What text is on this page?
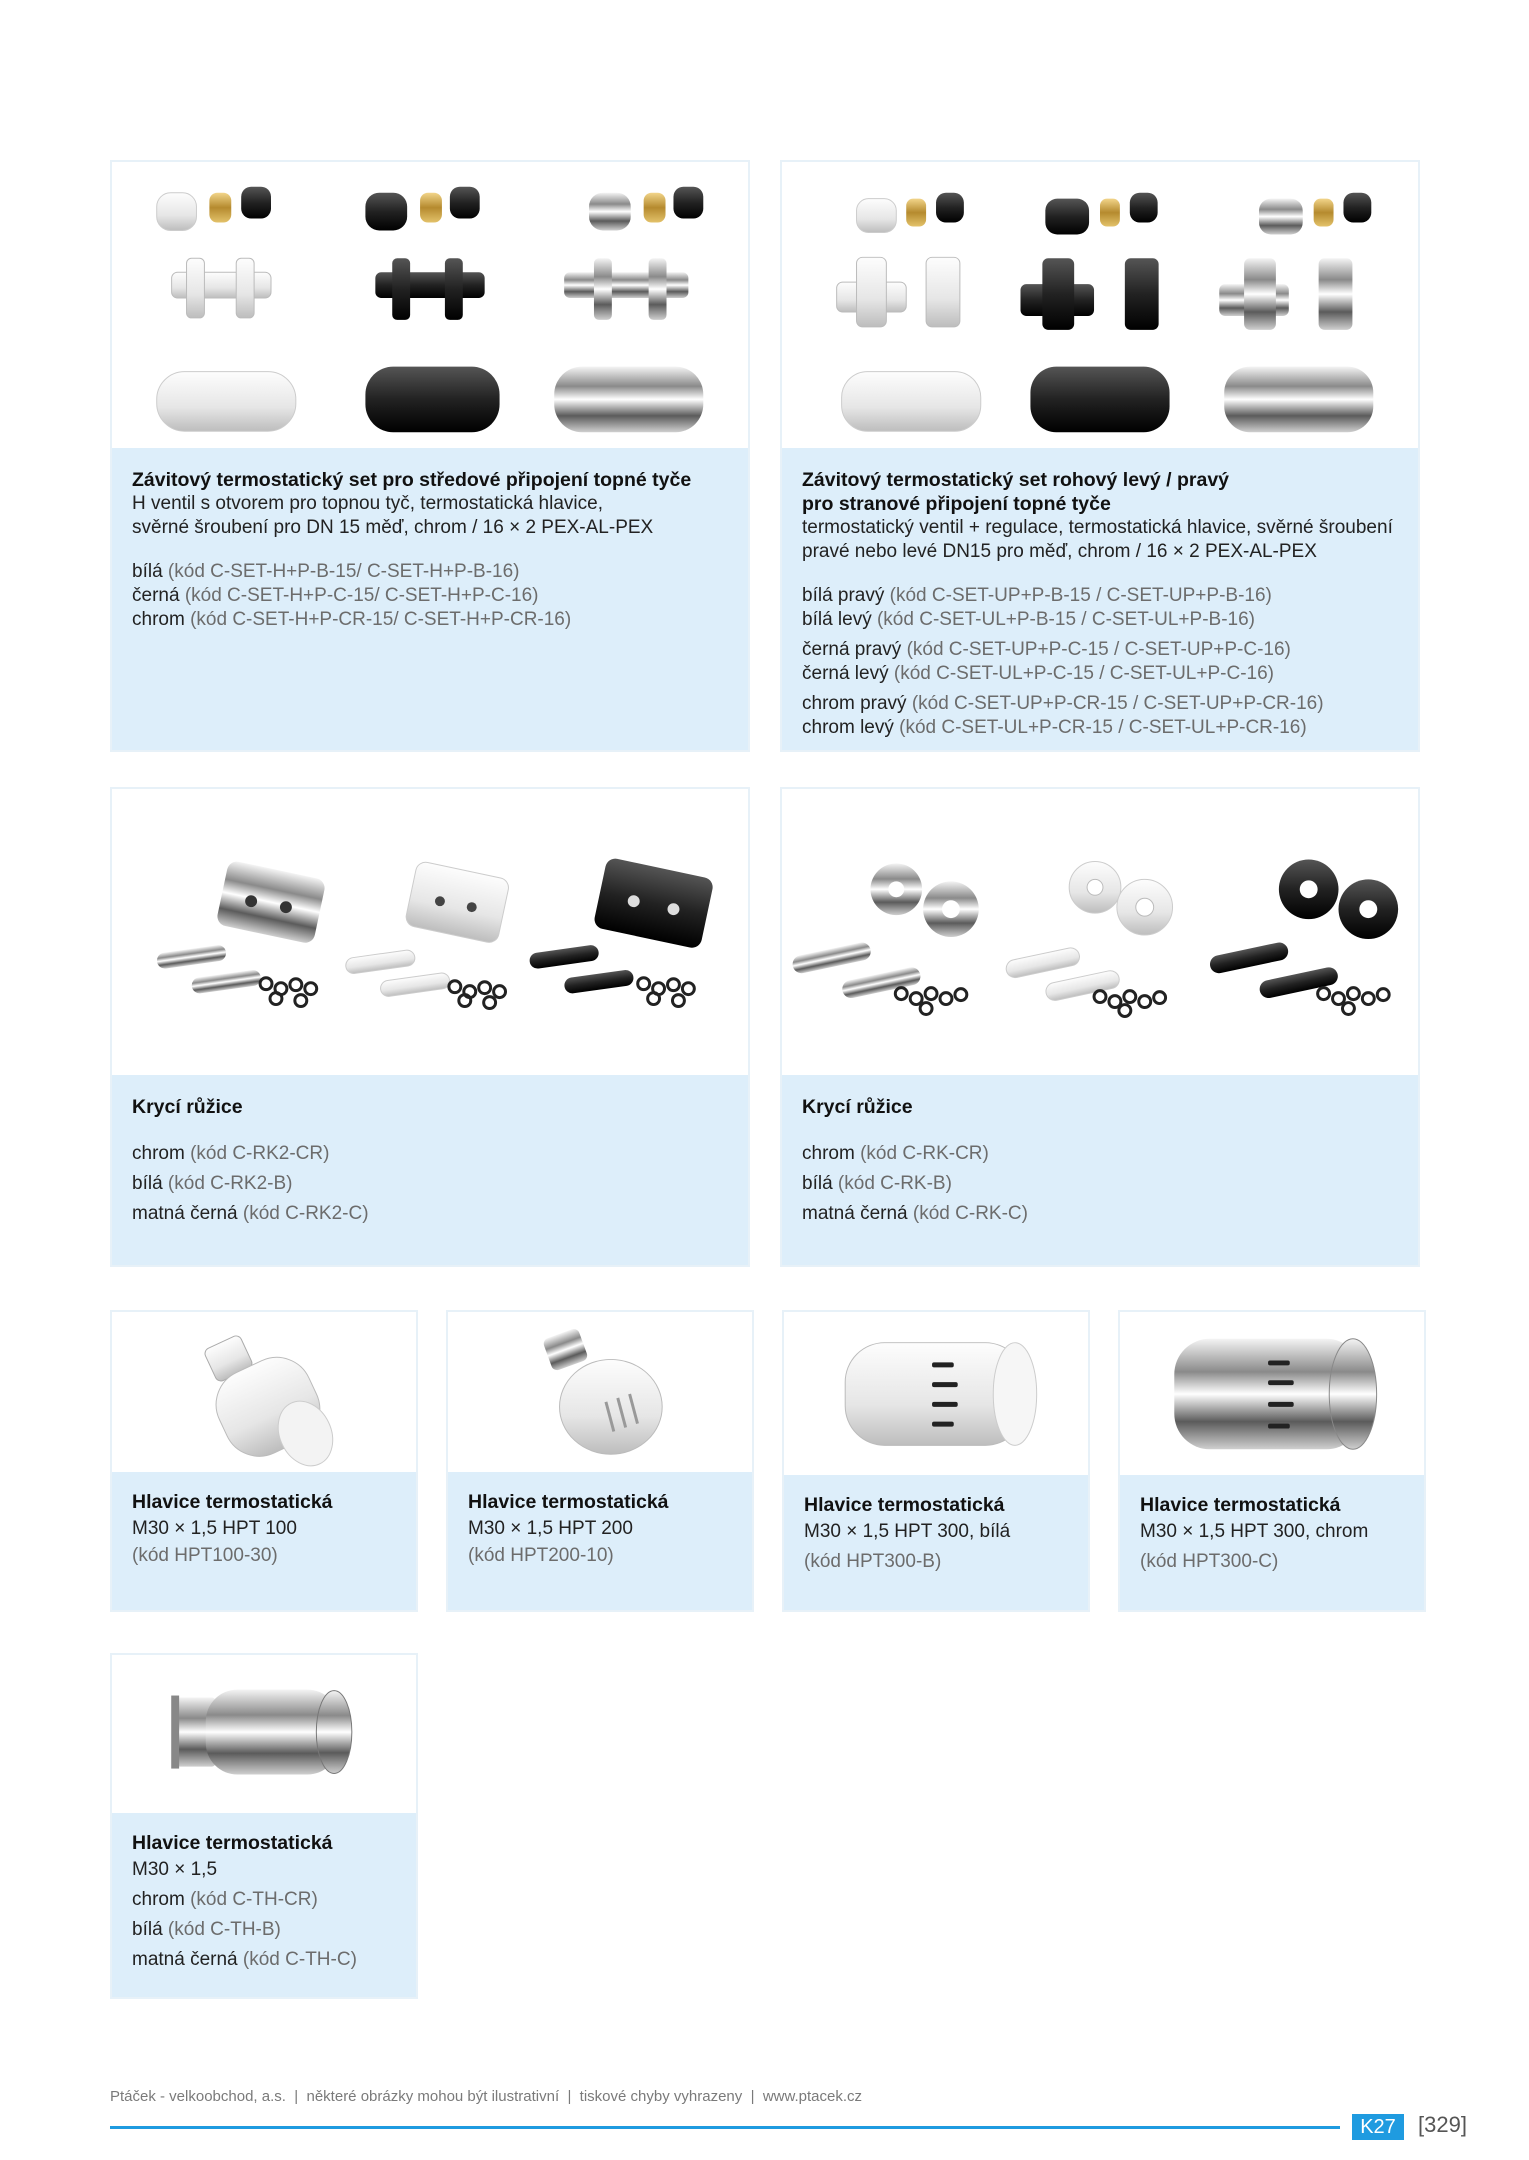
Závitový termostatický set pro středové připojení topné tyče
H ventil s otvorem pro topnou tyč, termostatická hlavice,
svěrné šroubení pro DN 15 měď, chrom / 16 × 2 PEX-AL-PEX
bílá (kód C-SET-H+P-B-15/ C-SET-H+P-B-16)
černá (kód C-SET-H+P-C-15/ C-SET-H+P-C-16)
chrom (kód C-SET-H+P-CR-15/ C-SET-H+P-CR-16)
Závitový termostatický set rohový levý / pravý
pro stranové připojení topné tyče
termostatický ventil + regulace, termostatická hlavice, svěrné šroubení
pravé nebo levé DN15 pro měď, chrom / 16 × 2 PEX-AL-PEX
bílá pravý (kód C-SET-UP+P-B-15 / C-SET-UP+P-B-16)
bílá levý (kód C-SET-UL+P-B-15 / C-SET-UL+P-B-16)
černá pravý (kód C-SET-UP+P-C-15 / C-SET-UP+P-C-16)
černá levý (kód C-SET-UL+P-C-15 / C-SET-UL+P-C-16)
chrom pravý (kód C-SET-UP+P-CR-15 / C-SET-UP+P-CR-16)
chrom levý (kód C-SET-UL+P-CR-15 / C-SET-UL+P-CR-16)
Krycí růžice
chrom (kód C-RK2-CR)
bílá (kód C-RK2-B)
matná černá (kód C-RK2-C)
Krycí růžice
chrom (kód C-RK-CR)
bílá (kód C-RK-B)
matná černá (kód C-RK-C)
Hlavice termostatická
M30 × 1,5 HPT 100
(kód HPT100-30)
Hlavice termostatická
M30 × 1,5 HPT 200
(kód HPT200-10)
Hlavice termostatická
M30 × 1,5 HPT 300, bílá
(kód HPT300-B)
Hlavice termostatická
M30 × 1,5 HPT 300, chrom
(kód HPT300-C)
Hlavice termostatická
M30 × 1,5
chrom (kód C-TH-CR)
bílá (kód C-TH-B)
matná černá (kód C-TH-C)
Ptáček - velkoobchod, a.s.  |  některé obrázky mohou být ilustrativní  |  tiskové chyby vyhrazeny  |  www.ptacek.cz
K27	[329]
